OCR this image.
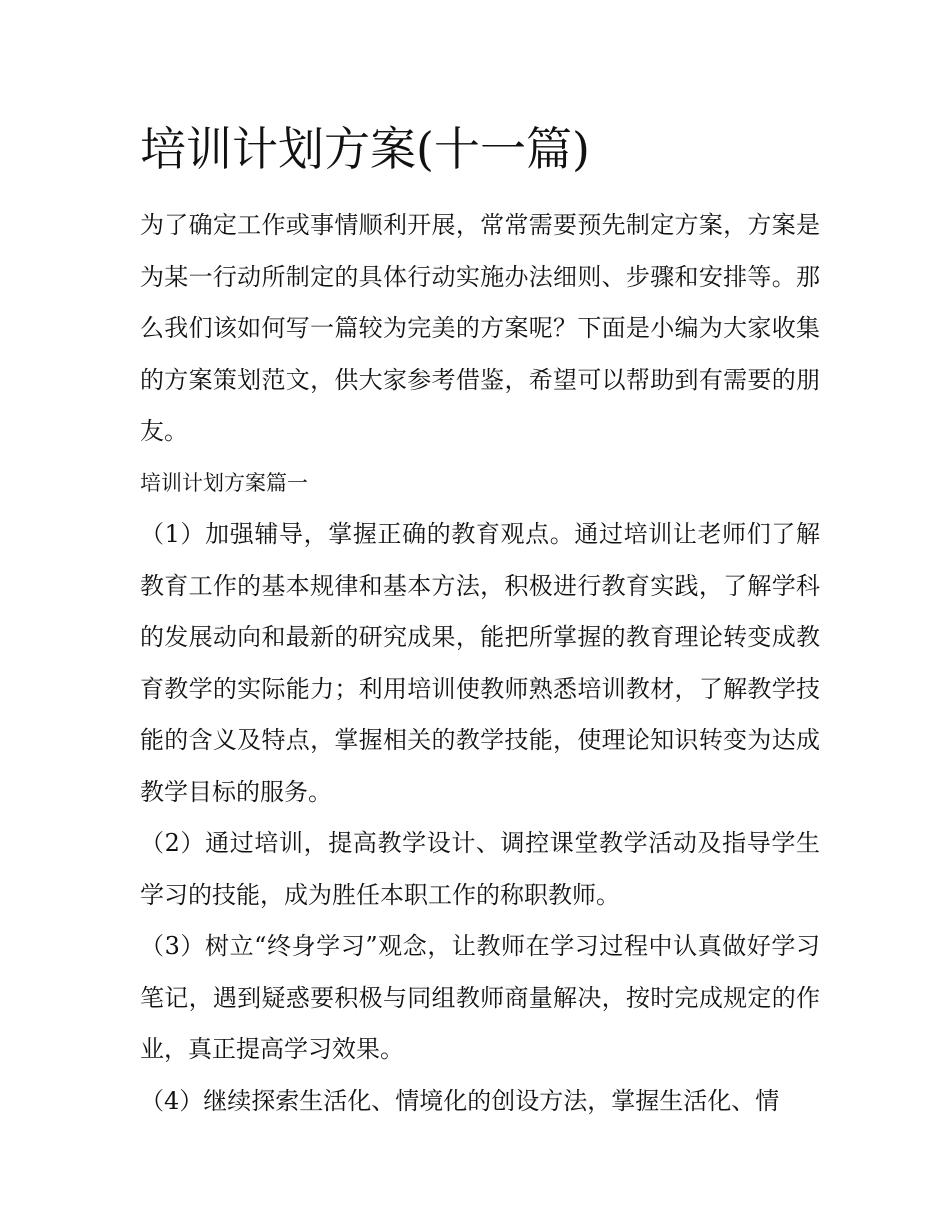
培训计划方案(十一篇)

为了确定工作或事情顺利开展，常常需要预先制定方案，方案是为某一行动所制定的具体行动实施办法细则、步骤和安排等。那么我们该如何写一篇较为完美的方案呢？下面是小编为大家收集的方案策划范文，供大家参考借鉴，希望可以帮助到有需要的朋友。

培训计划方案篇一

（1）加强辅导，掌握正确的教育观点。通过培训让老师们了解教育工作的基本规律和基本方法，积极进行教育实践，了解学科的发展动向和最新的研究成果，能把所掌握的教育理论转变成教育教学的实际能力；利用培训使教师熟悉培训教材，了解教学技能的含义及特点，掌握相关的教学技能，使理论知识转变为达成教学目标的服务。

（2）通过培训，提高教学设计、调控课堂教学活动及指导学生学习的技能，成为胜任本职工作的称职教师。

（3）树立“终身学习”观念，让教师在学习过程中认真做好学习笔记，遇到疑惑要积极与同组教师商量解决，按时完成规定的作业，真正提高学习效果。

（4）继续探索生活化、情境化的创设方法，掌握生活化、情
